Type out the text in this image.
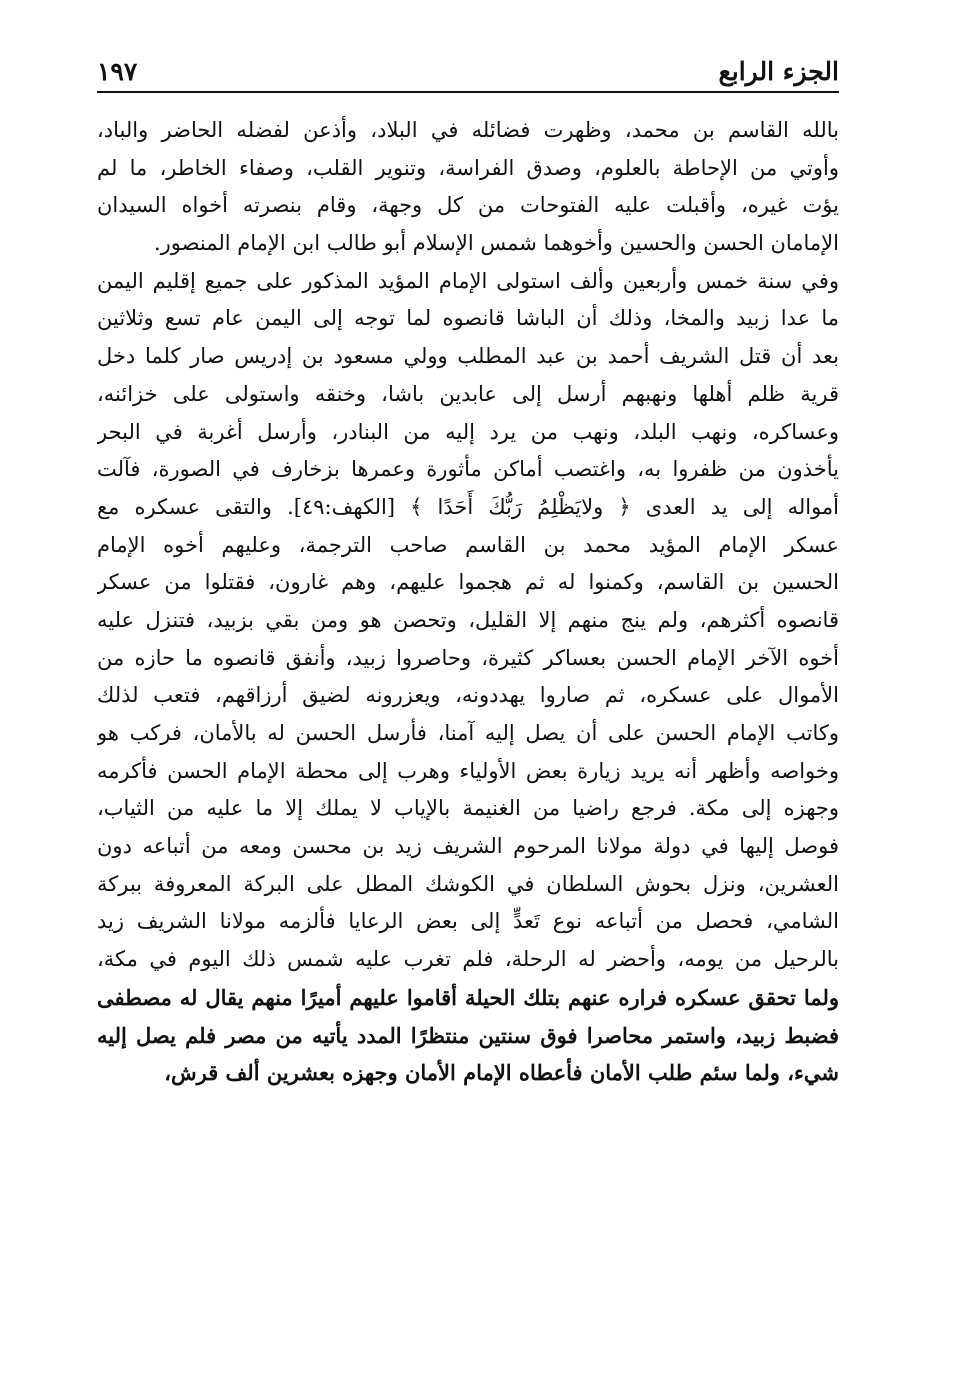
الجزء الرابع
١٩٧
بالله القاسم بن محمد، وظهرت فضائله في البلاد، وأذعن لفضله الحاضر والباد،
وأوتي من الإحاطة بالعلوم، وصدق الفراسة، وتنوير القلب، وصفاء الخاطر، ما لم
يؤت غيره، وأقبلت عليه الفتوحات من كل وجهة، وقام بنصرته أخواه السيدان
الإمامان الحسن والحسين وأخوهما شمس الإسلام أبو طالب ابن الإمام المنصور.
وفي سنة خمس وأربعين وألف استولى الإمام المؤيد المذكور على جميع إقليم اليمن
ما عدا زبيد والمخا، وذلك أن الباشا قانصوه لما توجه إلى اليمن عام تسع وثلاثين
بعد أن قتل الشريف أحمد بن عبد المطلب وولي مسعود بن إدريس صار كلما دخل
قرية ظلم أهلها ونهبهم أرسل إلى عابدين باشا، وخنقه واستولى على خزائنه،
وعساكره، ونهب البلد، ونهب من يرد إليه من البنادر، وأرسل أغربة في البحر
يأخذون من ظفروا به، واغتصب أماكن مأثورة وعمرها بزخارف في الصورة، فآلت
أمواله إلى يد العدى ﴿ ولايَظْلِمُ رَبُّكَ أَحَدًا ﴾ [الكهف:٤٩]. والتقى عسكره مع
عسكر الإمام المؤيد محمد بن القاسم صاحب الترجمة، وعليهم أخوه الإمام
الحسين بن القاسم، وكمنوا له ثم هجموا عليهم، وهم غارون، فقتلوا من عسكر
قانصوه أكثرهم، ولم ينج منهم إلا القليل، وتحصن هو ومن بقي بزبيد، فتنزل عليه
أخوه الآخر الإمام الحسن بعساكر كثيرة، وحاصروا زبيد، وأنفق قانصوه ما حازه من
الأموال على عسكره، ثم صاروا يهددونه، ويعزرونه لضيق أرزاقهم، فتعب لذلك
وكاتب الإمام الحسن على أن يصل إليه آمنا، فأرسل الحسن له بالأمان، فركب هو
وخواصه وأظهر أنه يريد زيارة بعض الأولياء وهرب إلى محطة الإمام الحسن فأكرمه
وجهزه إلى مكة. فرجع راضيا من الغنيمة بالإياب لا يملك إلا ما عليه من الثياب،
فوصل إليها في دولة مولانا المرحوم الشريف زيد بن محسن ومعه من أتباعه دون
العشرين، ونزل بحوش السلطان في الكوشك المطل على البركة المعروفة ببركة
الشامي، فحصل من أتباعه نوع تَعدٍّ إلى بعض الرعايا فألزمه مولانا الشريف زيد
بالرحيل من يومه، وأحضر له الرحلة، فلم تغرب عليه شمس ذلك اليوم في مكة،
ولما تحقق عسكره فراره عنهم بتلك الحيلة أقاموا عليهم أميرًا منهم يقال له مصطفى
فضبط زبيد، واستمر محاصرا فوق سنتين منتظرًا المدد يأتيه من مصر فلم يصل إليه
شيء، ولما سئم طلب الأمان فأعطاه الإمام الأمان وجهزه بعشرين ألف قرش،
